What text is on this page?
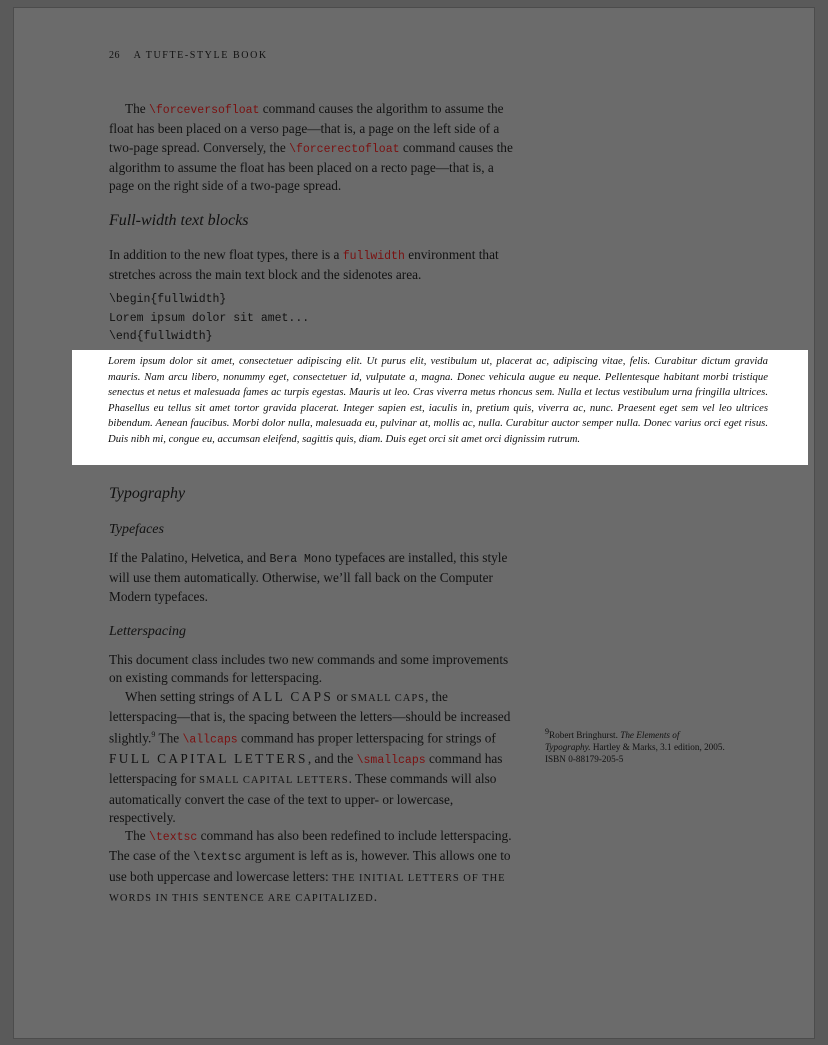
26 A TUFTE-STYLE BOOK

The \forceversofloat command causes the algorithm to assume the float has been placed on a verso page—that is, a page on the left side of a two-page spread. Conversely, the \forcerectofloat command causes the algorithm to assume the float has been placed on a recto page—that is, a page on the right side of a two-page spread.

Full-width text blocks

In addition to the new float types, there is a fullwidth environment that stretches across the main text block and the sidenotes area.

\begin{fullwidth}
Lorem ipsum dolor sit amet...
\end{fullwidth}
Lorem ipsum dolor sit amet, consectetuer adipiscing elit. Ut purus elit, vestibulum ut, placerat ac, adipiscing vitae, felis. Curabitur dictum gravida mauris. Nam arcu libero, nonummy eget, consectetuer id, vulputate a, magna. Donec vehicula augue eu neque. Pellentesque habitant morbi tristique senectus et netus et malesuada fames ac turpis egestas. Mauris ut leo. Cras viverra metus rhoncus sem. Nulla et lectus vestibulum urna fringilla ultrices. Phasellus eu tellus sit amet tortor gravida placerat. Integer sapien est, iaculis in, pretium quis, viverra ac, nunc. Praesent eget sem vel leo ultrices bibendum. Aenean faucibus. Morbi dolor nulla, malesuada eu, pulvinar at, mollis ac, nulla. Curabitur auctor semper nulla. Donec varius orci eget risus. Duis nibh mi, congue eu, accumsan eleifend, sagittis quis, diam. Duis eget orci sit amet orci dignissim rutrum.
Typography
Typefaces

If the Palatino, Helvetica, and Bera Mono typefaces are installed, this style will use them automatically. Otherwise, we’ll fall back on the Computer Modern typefaces.

Letterspacing

This document class includes two new commands and some improvements on existing commands for letterspacing.

When setting strings of ALL CAPS or SMALL CAPS, the letterspacing—that is, the spacing between the letters—should be increased slightly.$^9$ The \allcaps command has proper letterspacing for strings of FULL CAPITAL LETTERS, and the \smallcaps command has letterspacing for SMALL CAPITAL LETTERS. These commands will also automatically convert the case of the text to upper- or lowercase, respectively.

The \textsc command has also been redefined to include letterspacing. The case of the \textsc argument is left as is, however. This allows one to use both uppercase and lowercase letters: THE INITIAL LETTERS OF THE WORDS IN THIS SENTENCE ARE CAPITALIZED.

$^9$Robert Bringhurst. The Elements of Typography. Hartley & Marks, 3.1 edition, 2005. ISBN 0-88179-205-5
